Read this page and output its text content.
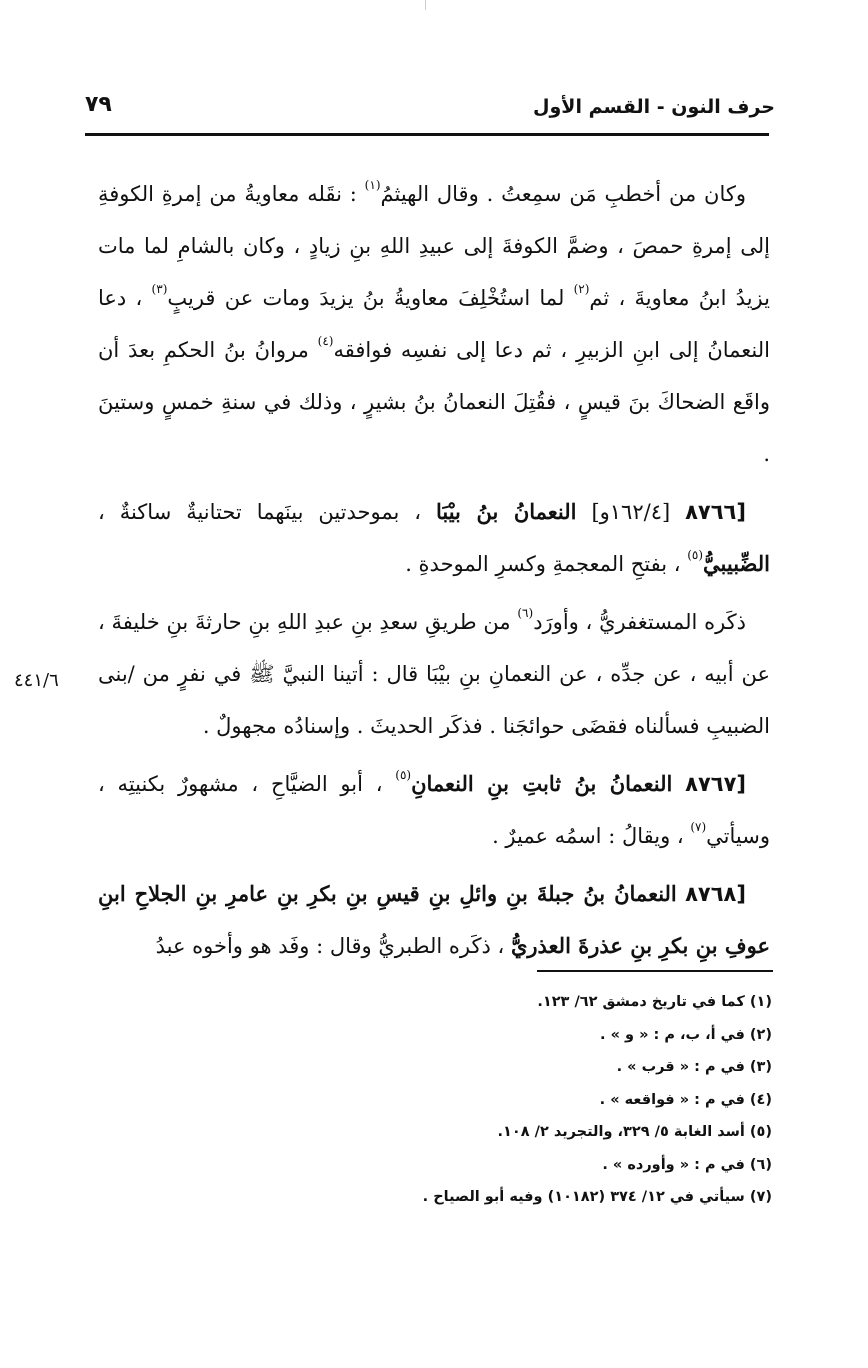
حرف النون - القسم الأول
٧٩

وكان من أخطبِ مَن سمِعتُ . وقال الهيثمُ$^{(١)}$ : نقَله معاويةُ من إمرةِ الكوفةِ إلى إمرةِ حمصَ ، وضمَّ الكوفةَ إلى عبيدِ اللهِ بنِ زيادٍ ، وكان بالشامِ لما مات يزيدُ ابنُ معاويةَ ، ثم$^{(٢)}$ لما استُخْلِفَ معاويةُ بنُ يزيدَ ومات عن قريبٍ$^{(٣)}$ ، دعا النعمانُ إلى ابنِ الزبيرِ ، ثم دعا إلى نفسِه فوافقه$^{(٤)}$ مروانُ بنُ الحكمِ بعدَ أن واقَع الضحاكَ بنَ قيسٍ ، فقُتِلَ النعمانُ بنُ بشيرٍ ، وذلك في سنةِ خمسٍ وستينَ .

[٨٧٦٦ [١٦٢/٤و] النعمانُ بنُ بيْبَا ، بموحدتين بينَهما تحتانيةٌ ساكنةٌ ، الضِّبيبيُّ$^{(٥)}$ ، بفتحِ المعجمةِ وكسرِ الموحدةِ .

ذكَره المستغفريُّ ، وأورَد$^{(٦)}$ من طريقِ سعدِ بنِ عبدِ اللهِ بنِ حارثةَ بنِ خليفةَ ، عن أبيه ، عن جدِّه ، عن النعمانِ بنِ بيْبَا قال : أتينا النبيَّ ﷺ في نفرٍ من /بنى الضبيبِ فسألناه فقضَى حوائجَنا . فذكَر الحديثَ . وإسنادُه مجهولٌ .

[٨٧٦٧ النعمانُ بنُ ثابتِ بنِ النعمانِ$^{(٥)}$ ، أبو الضيَّاحِ ، مشهورٌ بكنيتِه ، وسيأتي$^{(٧)}$ ، ويقالُ : اسمُه عميرٌ .

[٨٧٦٨ النعمانُ بنُ جبلةَ بنِ وائلِ بنِ قيسِ بنِ بكرِ بنِ عامرِ بنِ الجلاحِ ابنِ عوفِ بنِ بكرِ بنِ عذرةَ العذريُّ ، ذكَره الطبريُّ وقال : وفَد هو وأخوه عبدُ

٤٤١/٦
(١) كما في تاريخ دمشق ٦٢/ ١٢٣.
(٢) في أ، ب، م : « و » .
(٣) في م : « قرب » .
(٤) في م : « فواقعه » .
(٥) أسد الغابة ٥/ ٣٢٩، والتجريد ٢/ ١٠٨.
(٦) في م : « وأورده » .
(٧) سيأتي في ١٢/ ٣٧٤ (١٠١٨٢) وفيه أبو الصياح .
